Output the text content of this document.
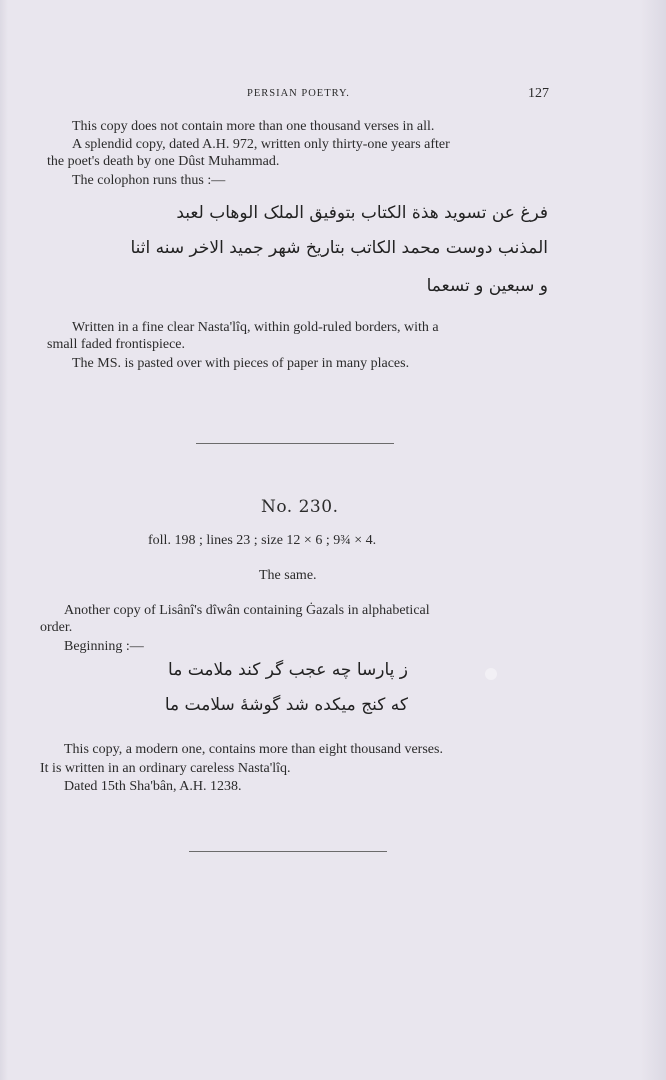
PERSIAN POETRY.	127
This copy does not contain more than one thousand verses in all.
A splendid copy, dated A.H. 972, written only thirty-one years after
the poet's death by one Dûst Muhammad.
The colophon runs thus :—
فرغ عن تسوید هذة الکتاب بتوفیق الملک الوهاب لعبد
المذنب دوست محمد الکاتب بتاریخ شهر جمید الاخر سنه اثنا
و سبعین و تسعما
Written in a fine clear Nasta'lîq, within gold-ruled borders, with a
small faded frontispiece.
The MS. is pasted over with pieces of paper in many places.
No. 230.
foll. 198 ; lines 23 ; size 12 × 6 ; 9¾ × 4.
The same.
Another copy of Lisânî's dîwân containing Ġazals in alphabetical
order.
Beginning :—
ز پارسا چه عجب گر کند ملامت ما
که کنج میکده شد گوشهٔ سلامت ما
This copy, a modern one, contains more than eight thousand verses.
It is written in an ordinary careless Nasta'lîq.
Dated 15th Sha'bân, A.H. 1238.
